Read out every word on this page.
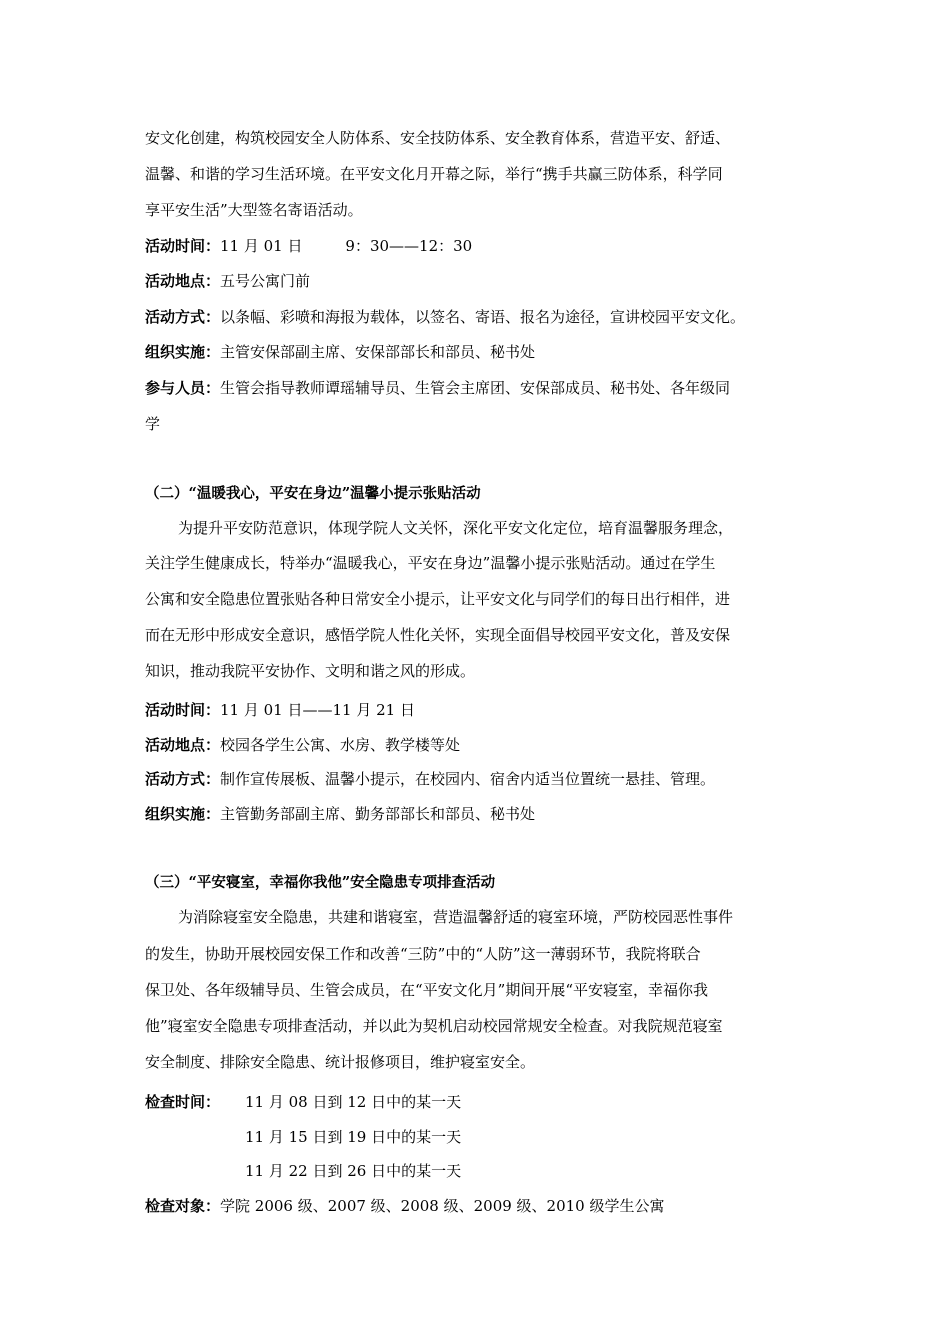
安文化创建，构筑校园安全人防体系、安全技防体系、安全教育体系，营造平安、舒适、
温馨、和谐的学习生活环境。在平安文化月开幕之际，举行“携手共赢三防体系，科学同
享平安生活”大型签名寄语活动。
活动时间：11 月 01 日         9：30——12：30
活动地点：五号公寓门前
活动方式：以条幅、彩喷和海报为载体，以签名、寄语、报名为途径，宣讲校园平安文化。
组织实施：主管安保部副主席、安保部部长和部员、秘书处
参与人员：生管会指导教师谭瑶辅导员、生管会主席团、安保部成员、秘书处、各年级同
学
（二）“温暖我心，平安在身边”温馨小提示张贴活动
为提升平安防范意识，体现学院人文关怀，深化平安文化定位，培育温馨服务理念，
关注学生健康成长，特举办“温暖我心，平安在身边”温馨小提示张贴活动。通过在学生
公寓和安全隐患位置张贴各种日常安全小提示，让平安文化与同学们的每日出行相伴，进
而在无形中形成安全意识，感悟学院人性化关怀，实现全面倡导校园平安文化，普及安保
知识，推动我院平安协作、文明和谐之风的形成。
活动时间：11 月 01 日——11 月 21 日
活动地点：校园各学生公寓、水房、教学楼等处
活动方式：制作宣传展板、温馨小提示，在校园内、宿舍内适当位置统一悬挂、管理。
组织实施：主管勤务部副主席、勤务部部长和部员、秘书处
（三）“平安寝室，幸福你我他”安全隐患专项排查活动
为消除寝室安全隐患，共建和谐寝室，营造温馨舒适的寝室环境，严防校园恶性事件
的发生，协助开展校园安保工作和改善“三防”中的“人防”这一薄弱环节，我院将联合
保卫处、各年级辅导员、生管会成员，在“平安文化月”期间开展“平安寝室，幸福你我
他”寝室安全隐患专项排查活动，并以此为契机启动校园常规安全检查。对我院规范寝室
安全制度、排除安全隐患、统计报修项目，维护寝室安全。
检查时间： 11 月 08 日到 12 日中的某一天
11 月 15 日到 19 日中的某一天
11 月 22 日到 26 日中的某一天
检查对象：学院 2006 级、2007 级、2008 级、2009 级、2010 级学生公寓
